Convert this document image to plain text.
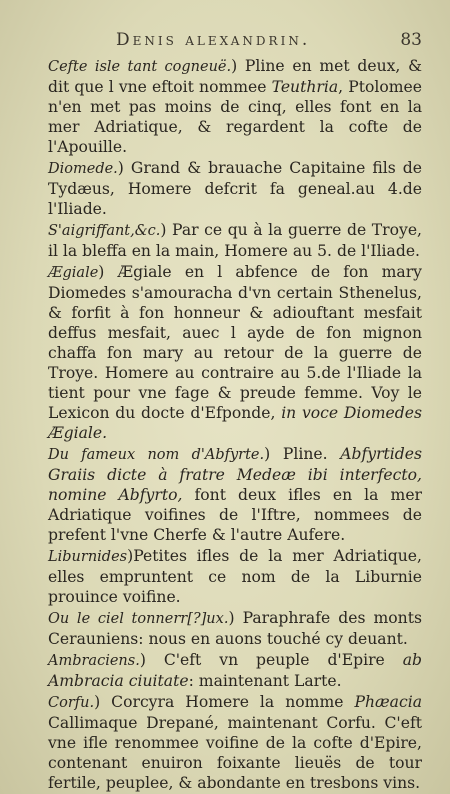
Denis alexandrin.	83

Cefte isle tant cogneuë.) Pline en met deux, & dit que l vne eftoit nommee Teuthria, Ptolomee n'en met pas moins de cinq, elles font en la mer Adriatique, & regardent la cofte de l'Apouille.

Diomede.) Grand & brauache Capitaine fils de Tydæus, Homere defcrit fa geneal.au 4.de l'Iliade.

S'aigriffant,&c.) Par ce qu à la guerre de Troye, il la bleffa en la main, Homere au 5. de l'Iliade.

Ægiale) Ægiale en l abfence de fon mary Diomedes s'amouracha d'vn certain Sthenelus, & forfit à fon honneur & adiouftant mesfait deffus mesfait, auec l ayde de fon mignon chaffa fon mary au retour de la guerre de Troye. Homere au contraire au 5.de l'Iliade la tient pour vne fage & preude femme. Voy le Lexicon du docte d'Efponde, in voce Diomedes Ægiale.

Du fameux nom d'Abfyrte.) Pline. Abfyrtides Graiis dicte à fratre Medeæ ibi interfecto, nomine Abfyrto, font deux ifles en la mer Adriatique voifines de l'Iftre, nommees de prefent l'vne Cherfe & l'autre Aufere.

Liburnides)Petites ifles de la mer Adriatique, elles empruntent ce nom de la Liburnie prouince voifine.

Ou le ciel tonnerr[?]ux.) Paraphrafe des monts Cerauniens: nous en auons touché cy deuant.

Ambraciens.) C'eft vn peuple d'Epire ab Ambracia ciuitate: maintenant Larte.

Corfu.) Corcyra Homere la nomme Phæacia Callimaque Drepané, maintenant Corfu. C'eft vne ifle renommee voifine de la cofte d'Epire, contenant enuiron foixante lieuës de tour fertile, peuplee, & abondante en tresbons vins.
